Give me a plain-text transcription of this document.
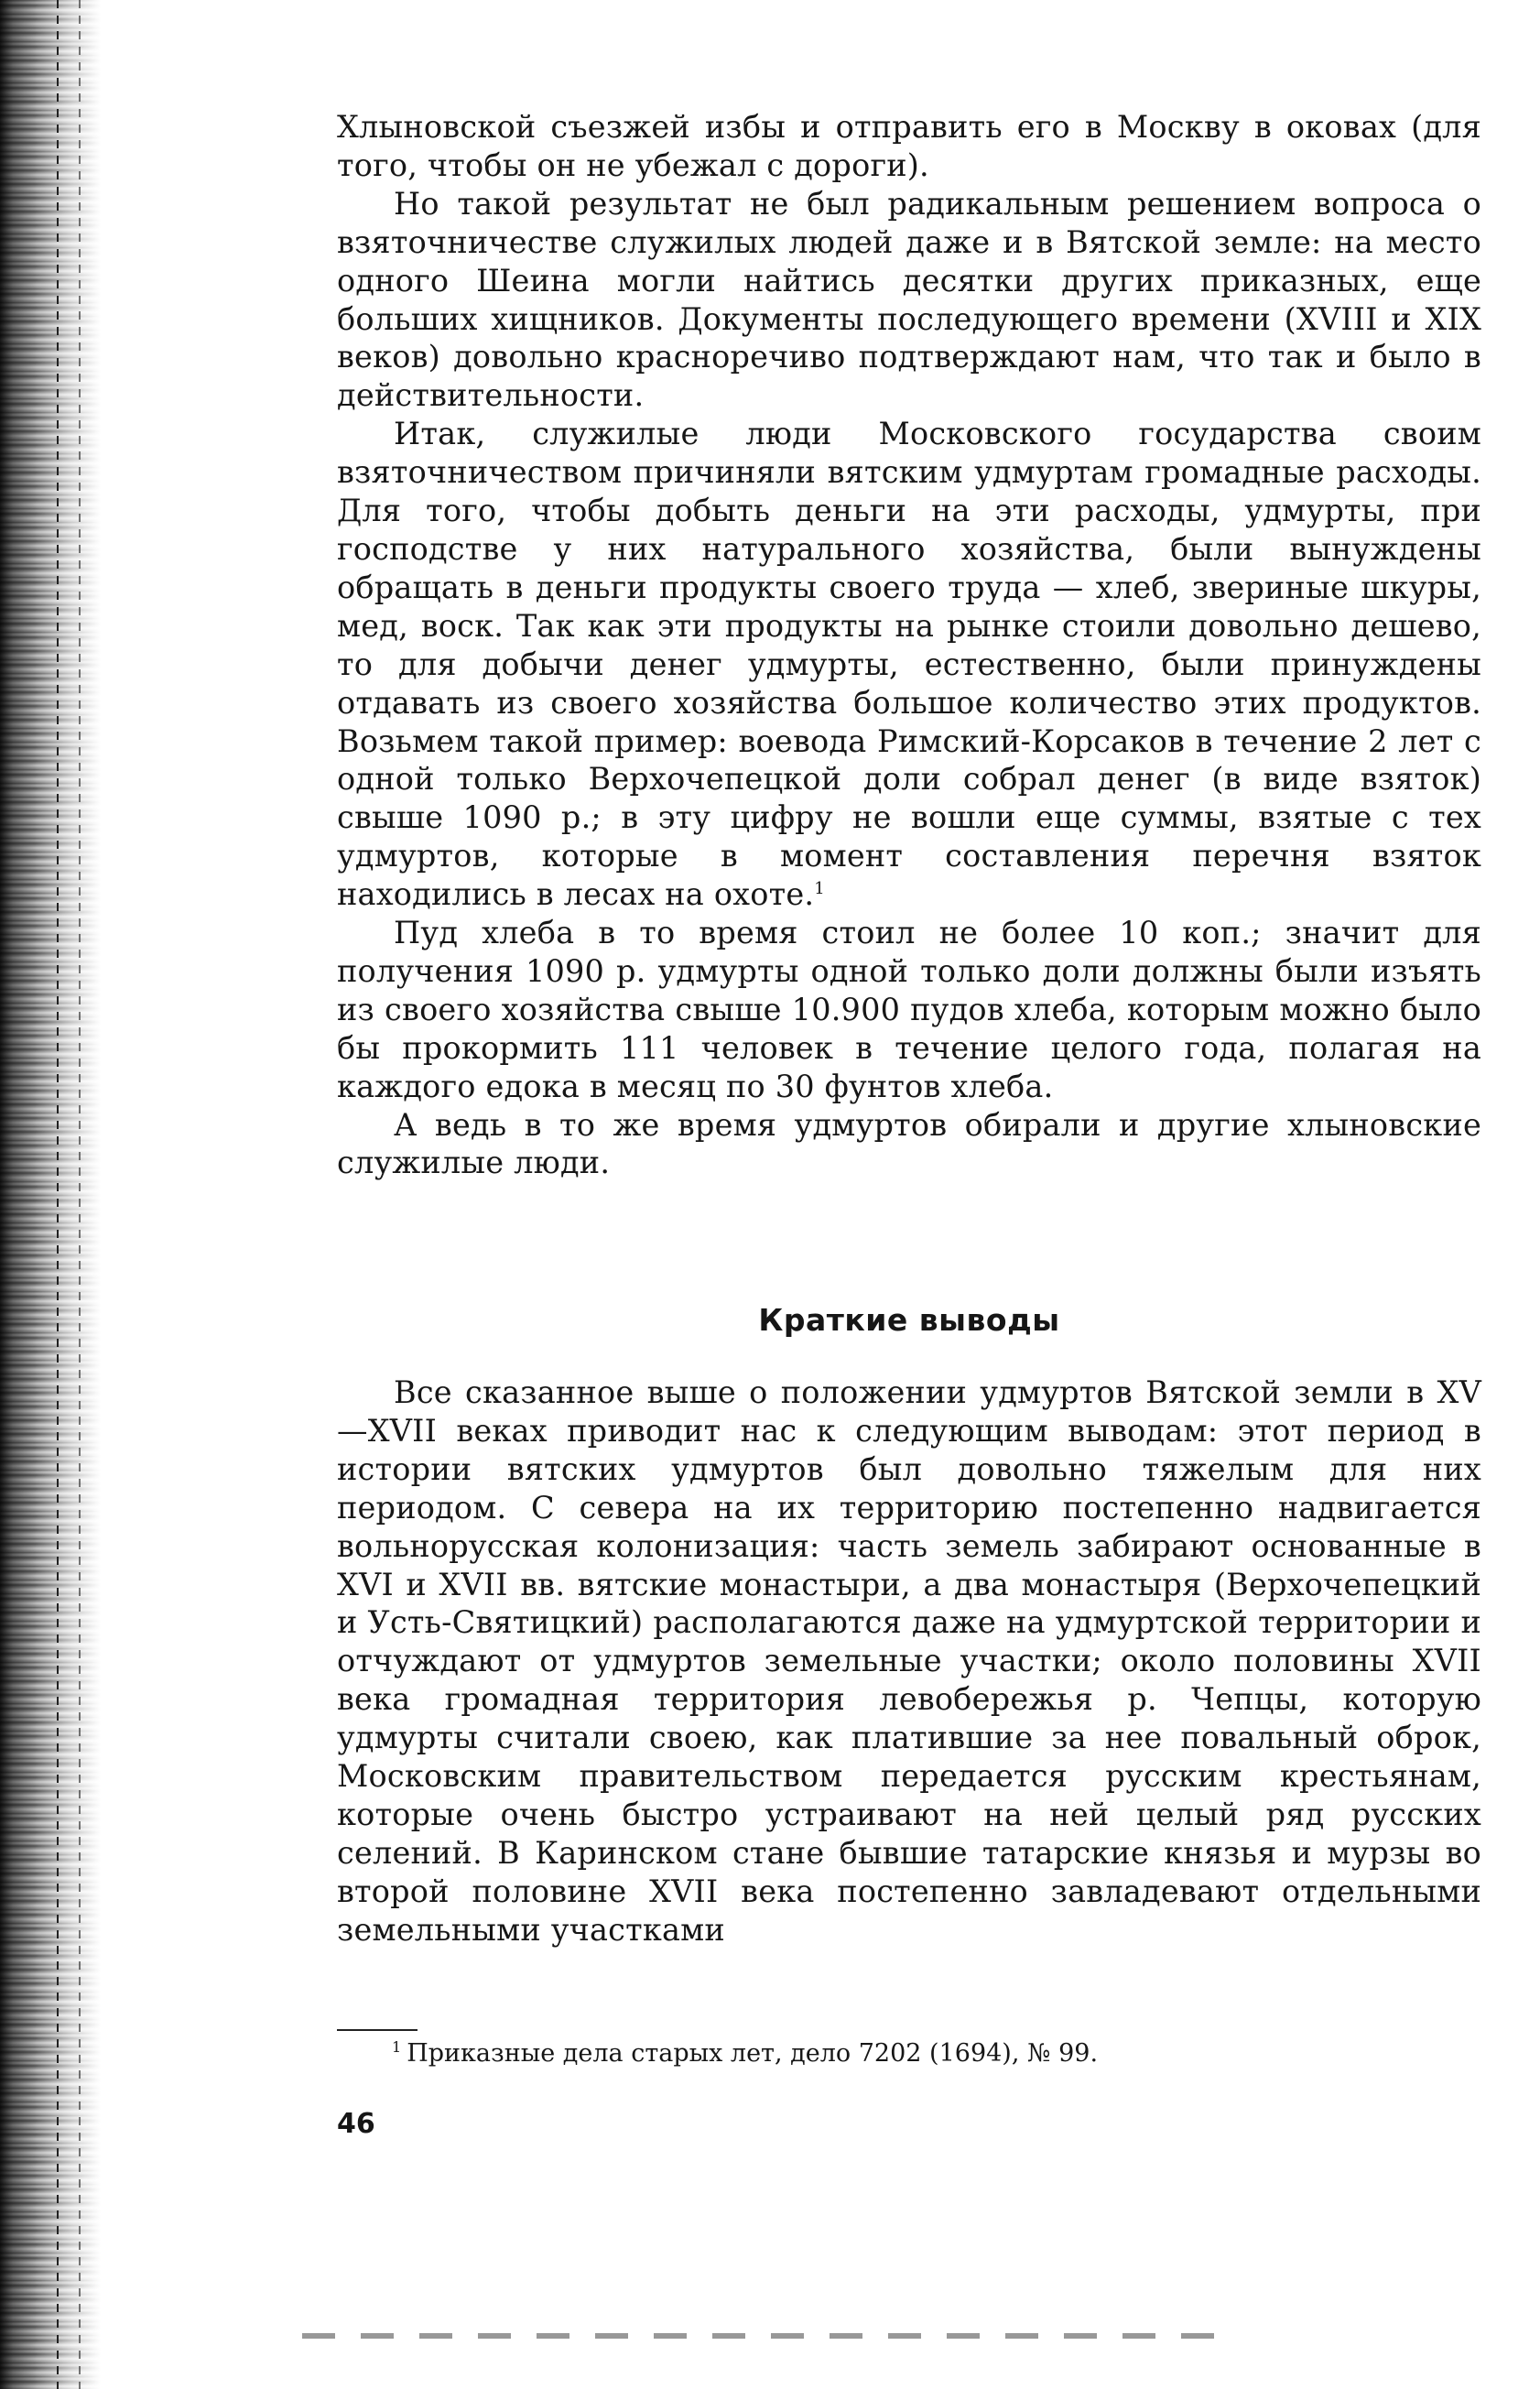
Хлыновской съезжей избы и отправить его в Москву в оковах (для того, чтобы он не убежал с дороги).

Но такой результат не был радикальным решением вопроса о взяточничестве служилых людей даже и в Вятской земле: на место одного Шеина могли найтись десятки других приказных, еще больших хищников. Документы последующего времени (XVIII и XIX веков) довольно красноречиво подтверждают нам, что так и было в действительности.

Итак, служилые люди Московского государства своим взяточничеством причиняли вятским удмуртам громадные расходы. Для того, чтобы добыть деньги на эти расходы, удмурты, при господстве у них натурального хозяйства, были вынуждены обращать в деньги продукты своего труда — хлеб, звериные шкуры, мед, воск. Так как эти продукты на рынке стоили довольно дешево, то для добычи денег удмурты, естественно, были принуждены отдавать из своего хозяйства большое количество этих продуктов. Возьмем такой пример: воевода Римский-Корсаков в течение 2 лет с одной только Верхочепецкой доли собрал денег (в виде взяток) свыше 1090 р.; в эту цифру не вошли еще суммы, взятые с тех удмуртов, которые в момент составления перечня взяток находились в лесах на охоте.$^1$

Пуд хлеба в то время стоил не более 10 коп.; значит для получения 1090 р. удмурты одной только доли должны были изъять из своего хозяйства свыше 10.900 пудов хлеба, которым можно было бы прокормить 111 человек в течение целого года, полагая на каждого едока в месяц по 30 фунтов хлеба.

А ведь в то же время удмуртов обирали и другие хлыновские служилые люди.

Краткие выводы

Все сказанное выше о положении удмуртов Вятской земли в XV—XVII веках приводит нас к следующим выводам: этот период в истории вятских удмуртов был довольно тяжелым для них периодом. С севера на их территорию постепенно надвигается вольнорусская колонизация: часть земель забирают основанные в XVI и XVII вв. вятские монастыри, а два монастыря (Верхочепецкий и Усть-Святицкий) располагаются даже на удмуртской территории и отчуждают от удмуртов земельные участки; около половины XVII века громадная территория левобережья р. Чепцы, которую удмурты считали своею, как платившие за нее повальный оброк, Московским правительством передается русским крестьянам, которые очень быстро устраивают на ней целый ряд русских селений. В Каринском стане бывшие татарские князья и мурзы во второй половине XVII века постепенно завладевают отдельными земельными участками

$^1$ Приказные дела старых лет, дело 7202 (1694), № 99.
46
